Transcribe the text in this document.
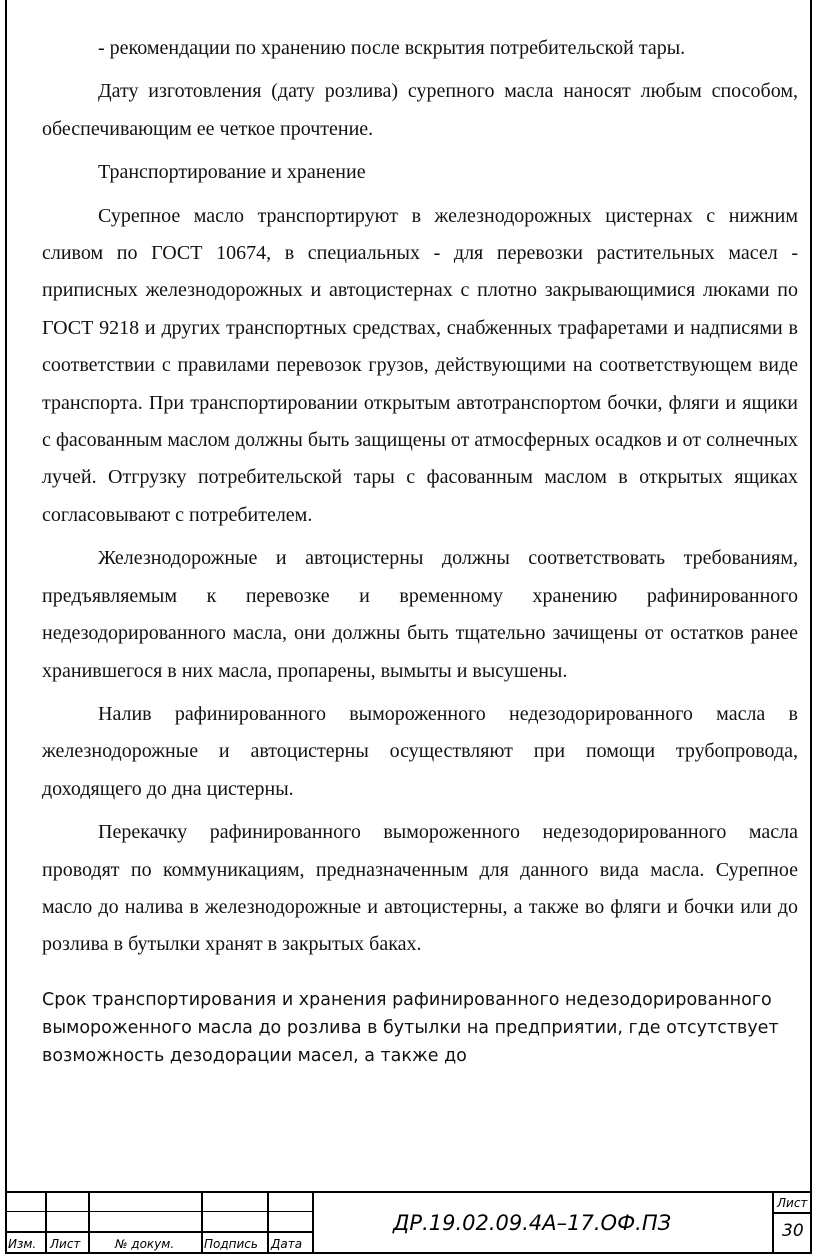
- рекомендации по хранению после вскрытия потребительской тары.

Дату изготовления (дату розлива) сурепного масла наносят любым способом, обеспечивающим ее четкое прочтение.

Транспортирование и хранение

Сурепное масло транспортируют в железнодорожных цистернах с нижним сливом по ГОСТ 10674, в специальных - для перевозки растительных масел - приписных железнодорожных и автоцистернах с плотно закрывающимися люками по ГОСТ 9218 и других транспортных средствах, снабженных трафаретами и надписями в соответствии с правилами перевозок грузов, действующими на соответствующем виде транспорта. При транспортировании открытым автотранспортом бочки, фляги и ящики с фасованным маслом должны быть защищены от атмосферных осадков и от солнечных лучей. Отгрузку потребительской тары с фасованным маслом в открытых ящиках согласовывают с потребителем.

Железнодорожные и автоцистерны должны соответствовать требованиям, предъявляемым к перевозке и временному хранению рафинированного недезодорированного масла, они должны быть тщательно зачищены от остатков ранее хранившегося в них масла, пропарены, вымыты и высушены.

Налив рафинированного вымороженного недезодорированного масла в железнодорожные и автоцистерны осуществляют при помощи трубопровода, доходящего до дна цистерны.

Перекачку рафинированного вымороженного недезодорированного масла проводят по коммуникациям, предназначенным для данного вида масла. Сурепное масло до налива в железнодорожные и автоцистерны, а также во фляги и бочки или до розлива в бутылки хранят в закрытых баках.

Срок транспортирования и хранения рафинированного недезодорированного

вымороженного масла до розлива в бутылки на предприятии, где отсутствует

возможность дезодорации масел, а также до

Изм. Лист	№ докум. Подпись Дата
ДР.19.02.09.4А–17.ОФ.ПЗ
Лист
30
